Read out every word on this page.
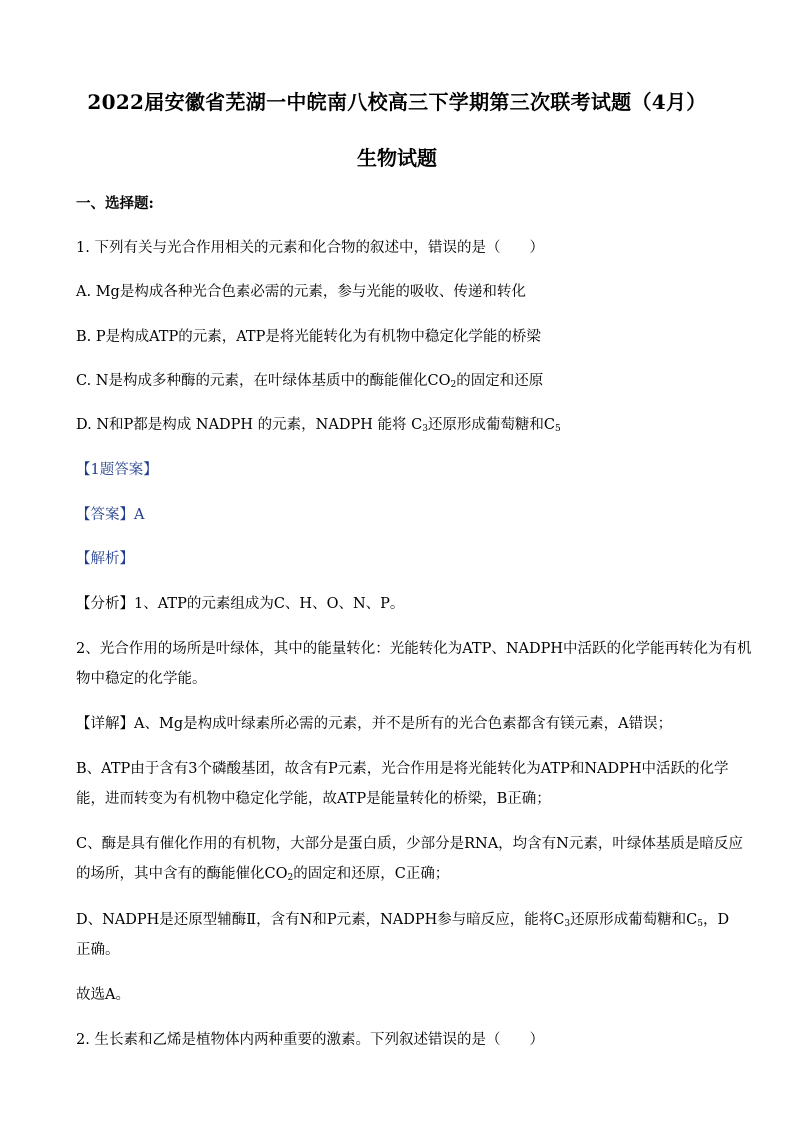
2022届安徽省芜湖一中皖南八校高三下学期第三次联考试题（4月）
生物试题
一、选择题:
1. 下列有关与光合作用相关的元素和化合物的叙述中，错误的是（　　）
A. Mg是构成各种光合色素必需的元素，参与光能的吸收、传递和转化
B. P是构成ATP的元素，ATP是将光能转化为有机物中稳定化学能的桥梁
C. N是构成多种酶的元素，在叶绿体基质中的酶能催化$CO_2$的固定和还原
D. N和P都是构成 NADPH 的元素，NADPH 能将 $C_3$还原形成葡萄糖和$C_5$
【1题答案】
【答案】A
【解析】
【分析】1、ATP的元素组成为C、H、O、N、P。
2、光合作用的场所是叶绿体，其中的能量转化：光能转化为ATP、NADPH中活跃的化学能再转化为有机
物中稳定的化学能。
【详解】A、Mg是构成叶绿素所必需的元素，并不是所有的光合色素都含有镁元素，A错误；
B、ATP由于含有3个磷酸基团，故含有P元素，光合作用是将光能转化为ATP和NADPH中活跃的化学
能，进而转变为有机物中稳定化学能，故ATP是能量转化的桥梁，B正确；
C、酶是具有催化作用的有机物，大部分是蛋白质，少部分是RNA，均含有N元素，叶绿体基质是暗反应
的场所，其中含有的酶能催化$CO_2$的固定和还原，C正确；
D、NADPH是还原型辅酶Ⅱ，含有N和P元素，NADPH参与暗反应，能将$C_3$还原形成葡萄糖和$C_5$，D
正确。
故选A。
2. 生长素和乙烯是植物体内两种重要的激素。下列叙述错误的是（　　）
